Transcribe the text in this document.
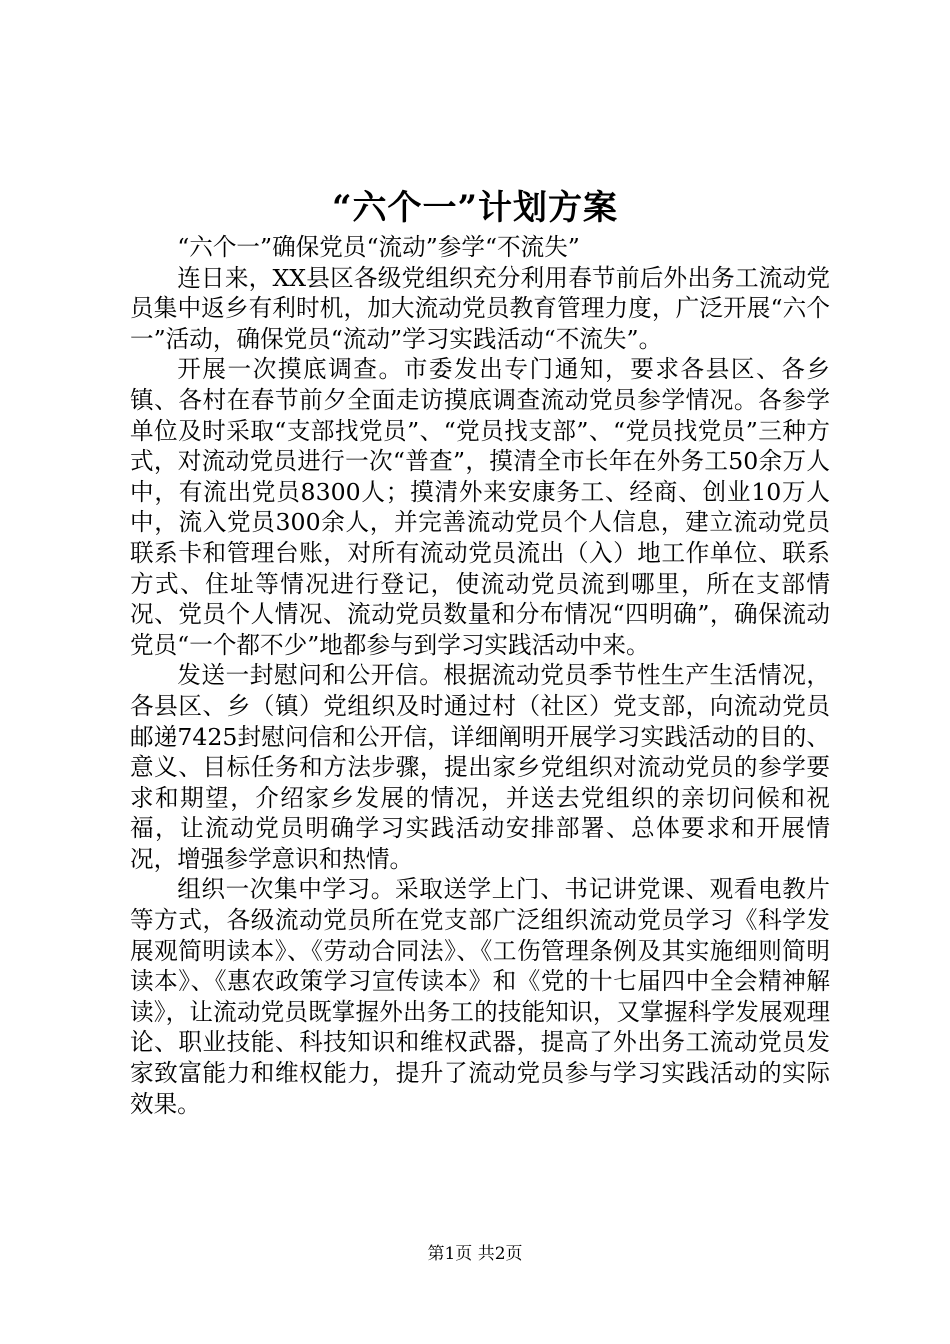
“六个一”计划方案

“六个一”确保党员“流动”参学“不流失”

连日来，XX县区各级党组织充分利用春节前后外出务工流动党员集中返乡有利时机，加大流动党员教育管理力度，广泛开展“六个一”活动，确保党员“流动”学习实践活动“不流失”。

开展一次摸底调查。市委发出专门通知，要求各县区、各乡镇、各村在春节前夕全面走访摸底调查流动党员参学情况。各参学单位及时采取“支部找党员”、“党员找支部”、“党员找党员”三种方式，对流动党员进行一次“普查”，摸清全市长年在外务工50余万人中，有流出党员8300人；摸清外来安康务工、经商、创业10万人中，流入党员300余人，并完善流动党员个人信息，建立流动党员联系卡和管理台账，对所有流动党员流出（入）地工作单位、联系方式、住址等情况进行登记，使流动党员流到哪里，所在支部情况、党员个人情况、流动党员数量和分布情况“四明确”，确保流动党员“一个都不少”地都参与到学习实践活动中来。

发送一封慰问和公开信。根据流动党员季节性生产生活情况，各县区、乡（镇）党组织及时通过村（社区）党支部，向流动党员邮递7425封慰问信和公开信，详细阐明开展学习实践活动的目的、意义、目标任务和方法步骤，提出家乡党组织对流动党员的参学要求和期望，介绍家乡发展的情况，并送去党组织的亲切问候和祝福，让流动党员明确学习实践活动安排部署、总体要求和开展情况，增强参学意识和热情。

组织一次集中学习。采取送学上门、书记讲党课、观看电教片等方式，各级流动党员所在党支部广泛组织流动党员学习《科学发展观简明读本》、《劳动合同法》、《工伤管理条例及其实施细则简明读本》、《惠农政策学习宣传读本》和《党的十七届四中全会精神解读》，让流动党员既掌握外出务工的技能知识，又掌握科学发展观理论、职业技能、科技知识和维权武器，提高了外出务工流动党员发家致富能力和维权能力，提升了流动党员参与学习实践活动的实际效果。

第1页 共2页
